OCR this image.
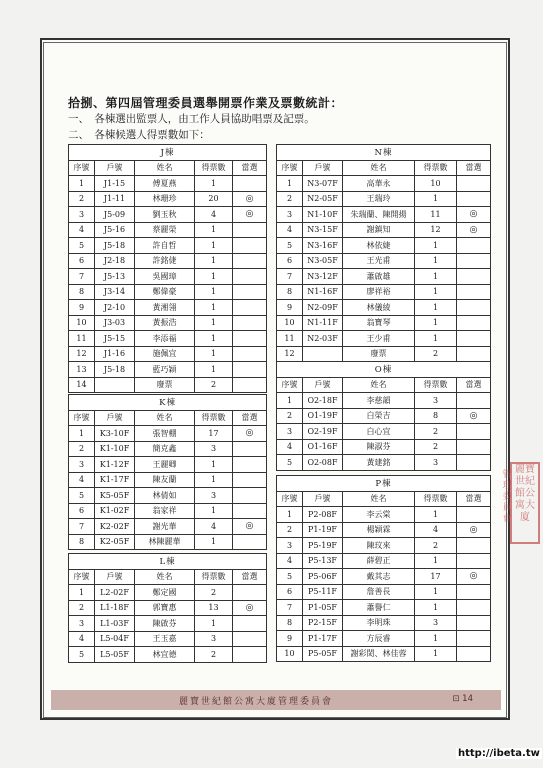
拾捌、第四屆管理委員選舉開票作業及票數統計：
一、　各棟選出監票人，由工作人員協助唱票及記票。
二、　各棟候選人得票數如下：
J棟				
序號	戶號	姓名	得票數	當選
1	J1-15	傅夏燕	1	
2	J1-11	林珊珍	20	◎
3	J5-09	劉玉秋	4	◎
4	J5-16	蔡麗榮	1	
5	J5-18	許自哲	1	
6	J2-18	許銘倢	1	
7	J5-13	吳國璋	1	
8	J3-14	鄭偉豪	1	
9	J2-10	黃湘翎	1	
10	J3-03	黃振浩	1	
11	J5-15	李添福	1	
12	J1-16	施佩宜	1	
13	J5-18	藍巧穎	1	
14		廢票	2	
K棟				
序號	戶號	姓名	得票數	當選
1	K3-10F	張智棚	17	◎
2	K1-10F	簡克鑫	3	
3	K1-12F	王麗卿	1	
4	K1-17F	陳友蘭	1	
5	K5-05F	林倩如	3	
6	K1-02F	翁家祥	1	
7	K2-02F	謝光華	4	◎
8	K2-05F	林陳麗華	1	
L棟				
序號	戶號	姓名	得票數	當選
1	L2-02F	鄭定國	2	
2	L1-18F	郭寶惠	13	◎
3	L1-03F	陳啟芬	1	
4	L5-04F	王玉嘉	3	
5	L5-05F	林宜德	2	
N棟				
序號	戶號	姓名	得票數	當選
1	N3-07F	高華永	10	
2	N2-05F	王瑞玲	1	
3	N1-10F	朱瑞蘭、陳開揚	11	◎
4	N3-15F	謝鎮知	12	◎
5	N3-16F	林依婕	1	
6	N3-05F	王光甫	1	
7	N3-12F	蕭啟雄	1	
8	N1-16F	廖祥裕	1	
9	N2-09F	林儀綾	1	
10	N1-11F	翁寶琴	1	
11	N2-03F	王少甫	1	
12		廢票	2	
O棟				
序號	戶號	姓名	得票數	當選
1	O2-18F	李慈韻	3	
2	O1-19F	白榮吉	8	◎
3	O2-19F	白心宜	2	
4	O1-16F	陳淑芬	2	
5	O2-08F	黃建銘	3	
P棟				
序號	戶號	姓名	得票數	當選
1	P2-08F	李云棠	1	
2	P1-19F	楊穎霖	4	◎
3	P5-19F	陳玟來	2	
4	P5-13F	薛碧正	1	
5	P5-06F	戴其志	17	◎
6	P5-11F	詹善長	1	
7	P1-05F	蕭譽仁	1	
8	P2-15F	李明珠	3	
9	P1-17F	方辰睿	1	
10	P5-05F	謝彩閎、林佳蓉	1	
麗寶世紀館公寓大廈管理委員會	⊡ 14
麗寶世紀館公寓大廈
管理委員會
http://ibeta.tw
